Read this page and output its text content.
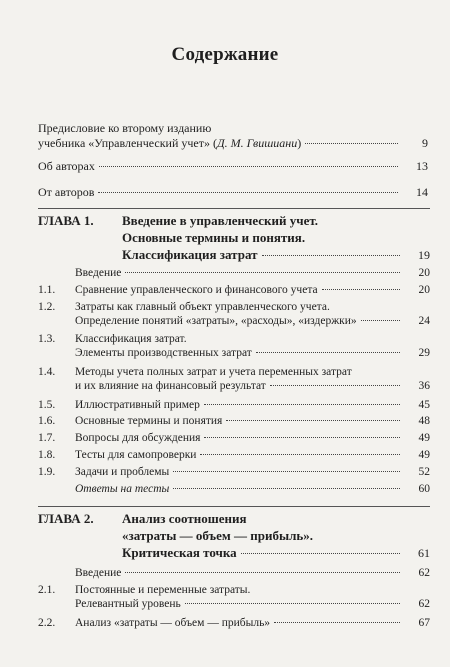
Содержание
Предисловие ко второму изданию
учебника «Управленческий учет» ( Д. М. Гвишиани )	9
Об авторах	13
От авторов	14
ГЛАВА 1. Введение в управленческий учет.
Основные термины и понятия.
Классификация затрат	19
Введение	20
1.1.	Сравнение управленческого и финансового учета	20
1.2.	Затраты как главный объект управленческого учета.
Определение понятий «затраты», «расходы», «издержки»	24
1.3.	Классификация затрат.
Элементы производственных затрат	29
1.4.	Методы учета полных затрат и учета переменных затрат
и их влияние на финансовый результат	36
1.5.	Иллюстративный пример	45
1.6.	Основные термины и понятия	48
1.7.	Вопросы для обсуждения	49
1.8.	Тесты для самопроверки	49
1.9.	Задачи и проблемы	52
Ответы на тесты	60
ГЛАВА 2. Анализ соотношения
«затраты — объем — прибыль».
Критическая точка	61
Введение	62
2.1.	Постоянные и переменные затраты.
Релевантный уровень	62
2.2.	Анализ «затраты — объем — прибыль»	67
